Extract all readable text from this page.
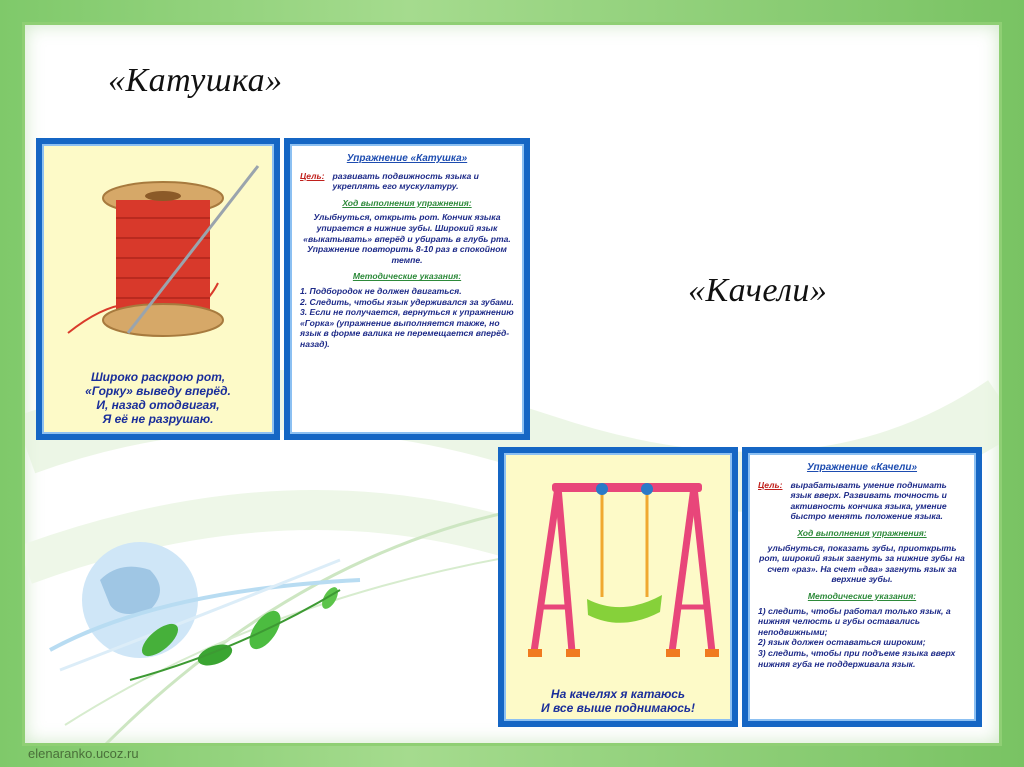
«Катушка»
«Качели»
Широко раскрою рот,
«Горку» выведу вперёд.
И, назад отодвигая,
Я её не разрушаю.
Упражнение «Катушка»
Цель: развивать подвижность языка и укреплять его мускулатуру.
Ход выполнения упражнения:
Улыбнуться, открыть рот. Кончик языка упирается в нижние зубы. Широкий язык «выкатывать» вперёд и убирать в глубь рта. Упражнение повторить 8-10 раз в спокойном темпе.
Методические указания:
1. Подбородок не должен двигаться.
2. Следить, чтобы язык удерживался за зубами.
3. Если не получается, вернуться к упражнению «Горка» (упражнение выполняется также, но язык в форме валика не перемещается вперёд-назад).
На качелях я катаюсь
И все выше поднимаюсь!
Упражнение «Качели»
Цель: вырабатывать умение поднимать язык вверх. Развивать точность и активность кончика языка, умение быстро менять положение языка.
Ход выполнения упражнения:
улыбнуться, показать зубы, приоткрыть рот, широкий язык загнуть за нижние зубы на счет «раз». На счет «два» загнуть язык за верхние зубы.
Методические указания:
1) следить, чтобы работал только язык, а нижняя челюсть и губы оставались неподвижными;
2) язык должен оставаться широким;
3) следить, чтобы при подъеме языка вверх нижняя губа не поддерживала язык.
elenaranko.ucoz.ru
